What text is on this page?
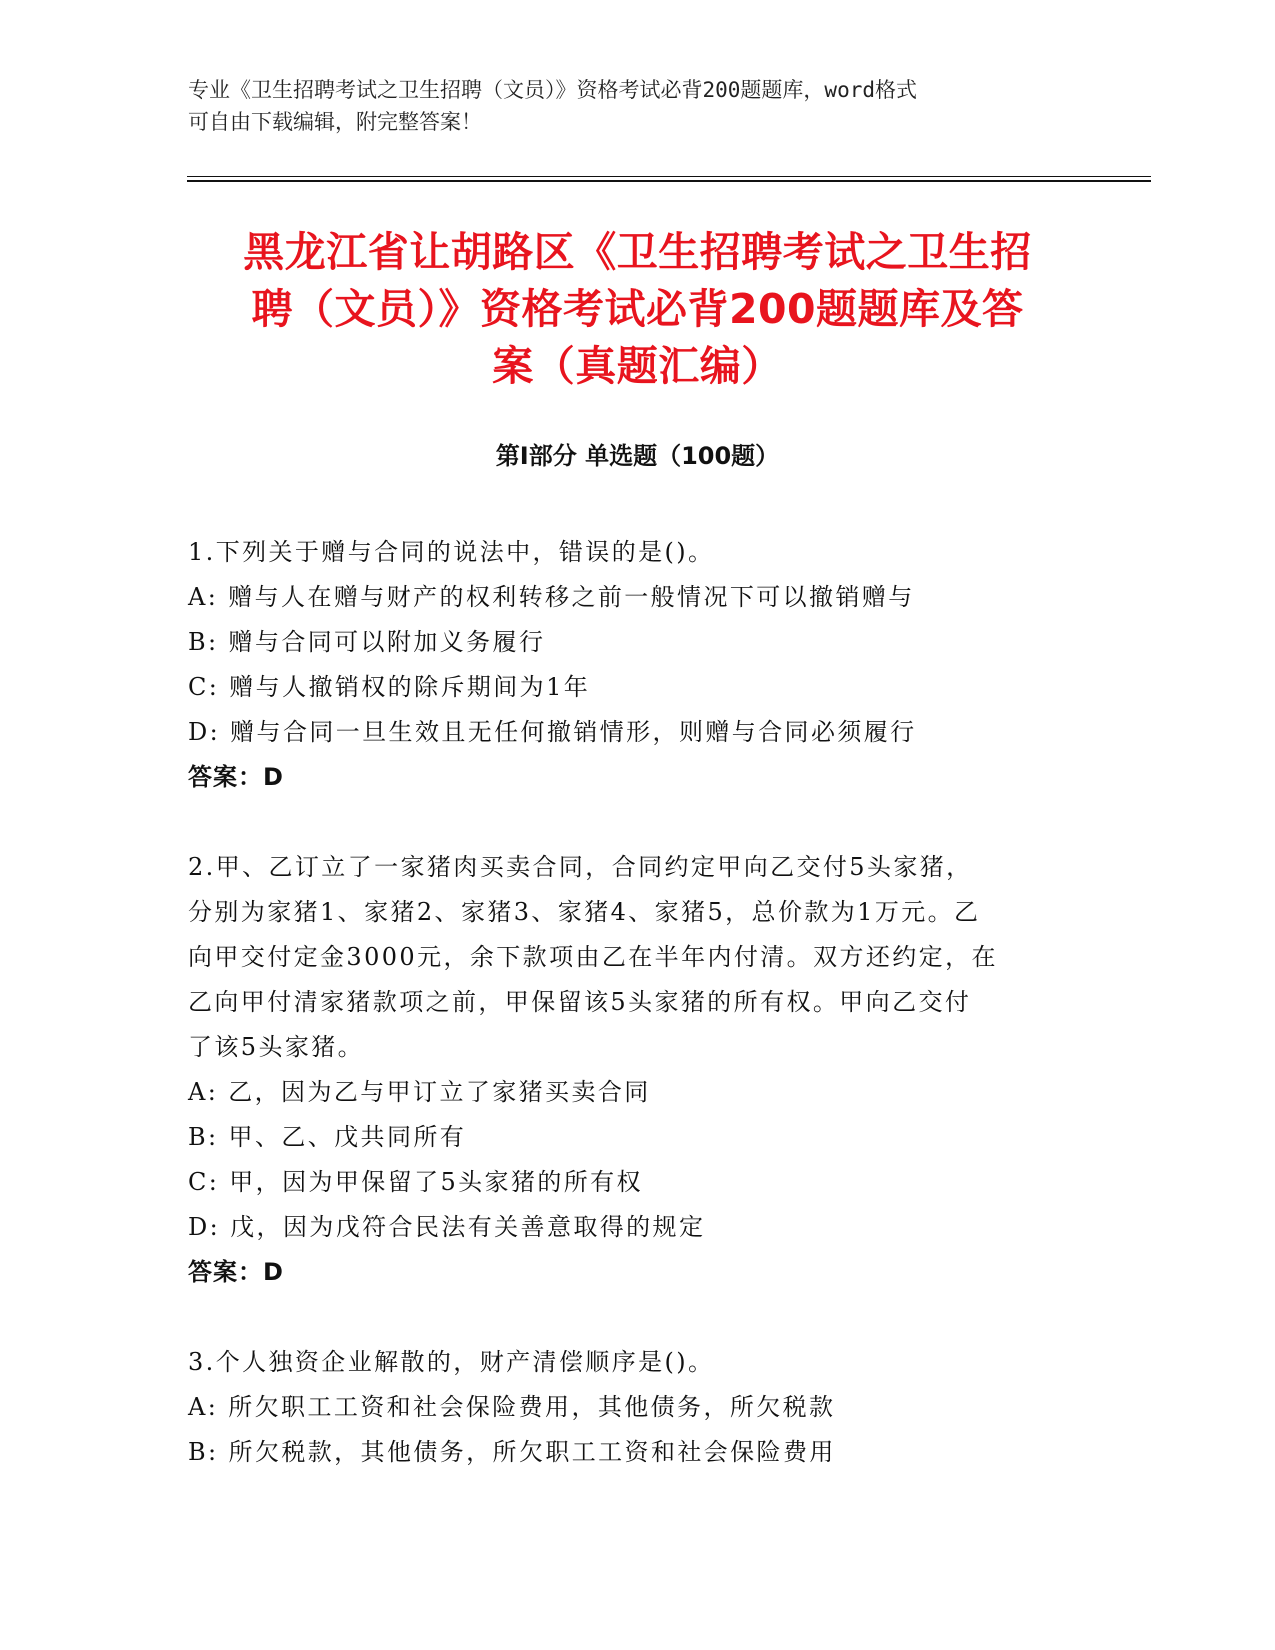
专业《卫生招聘考试之卫生招聘（文员）》资格考试必背200题题库，word格式
可自由下载编辑，附完整答案！
黑龙江省让胡路区《卫生招聘考试之卫生招
聘（文员）》资格考试必背200题题库及答
案（真题汇编）
第Ⅰ部分 单选题（100题）
1.下列关于赠与合同的说法中，错误的是()。
A: 赠与人在赠与财产的权利转移之前一般情况下可以撤销赠与
B: 赠与合同可以附加义务履行
C: 赠与人撤销权的除斥期间为1年
D: 赠与合同一旦生效且无任何撤销情形，则赠与合同必须履行
答案：D
2.甲、乙订立了一家猪肉买卖合同，合同约定甲向乙交付5头家猪，
分别为家猪1、家猪2、家猪3、家猪4、家猪5，总价款为1万元。乙
向甲交付定金3000元，余下款项由乙在半年内付清。双方还约定，在
乙向甲付清家猪款项之前，甲保留该5头家猪的所有权。甲向乙交付
了该5头家猪。
A: 乙，因为乙与甲订立了家猪买卖合同
B: 甲、乙、戊共同所有
C: 甲，因为甲保留了5头家猪的所有权
D: 戊，因为戊符合民法有关善意取得的规定
答案：D
3.个人独资企业解散的，财产清偿顺序是()。
A: 所欠职工工资和社会保险费用，其他债务，所欠税款
B: 所欠税款，其他债务，所欠职工工资和社会保险费用
